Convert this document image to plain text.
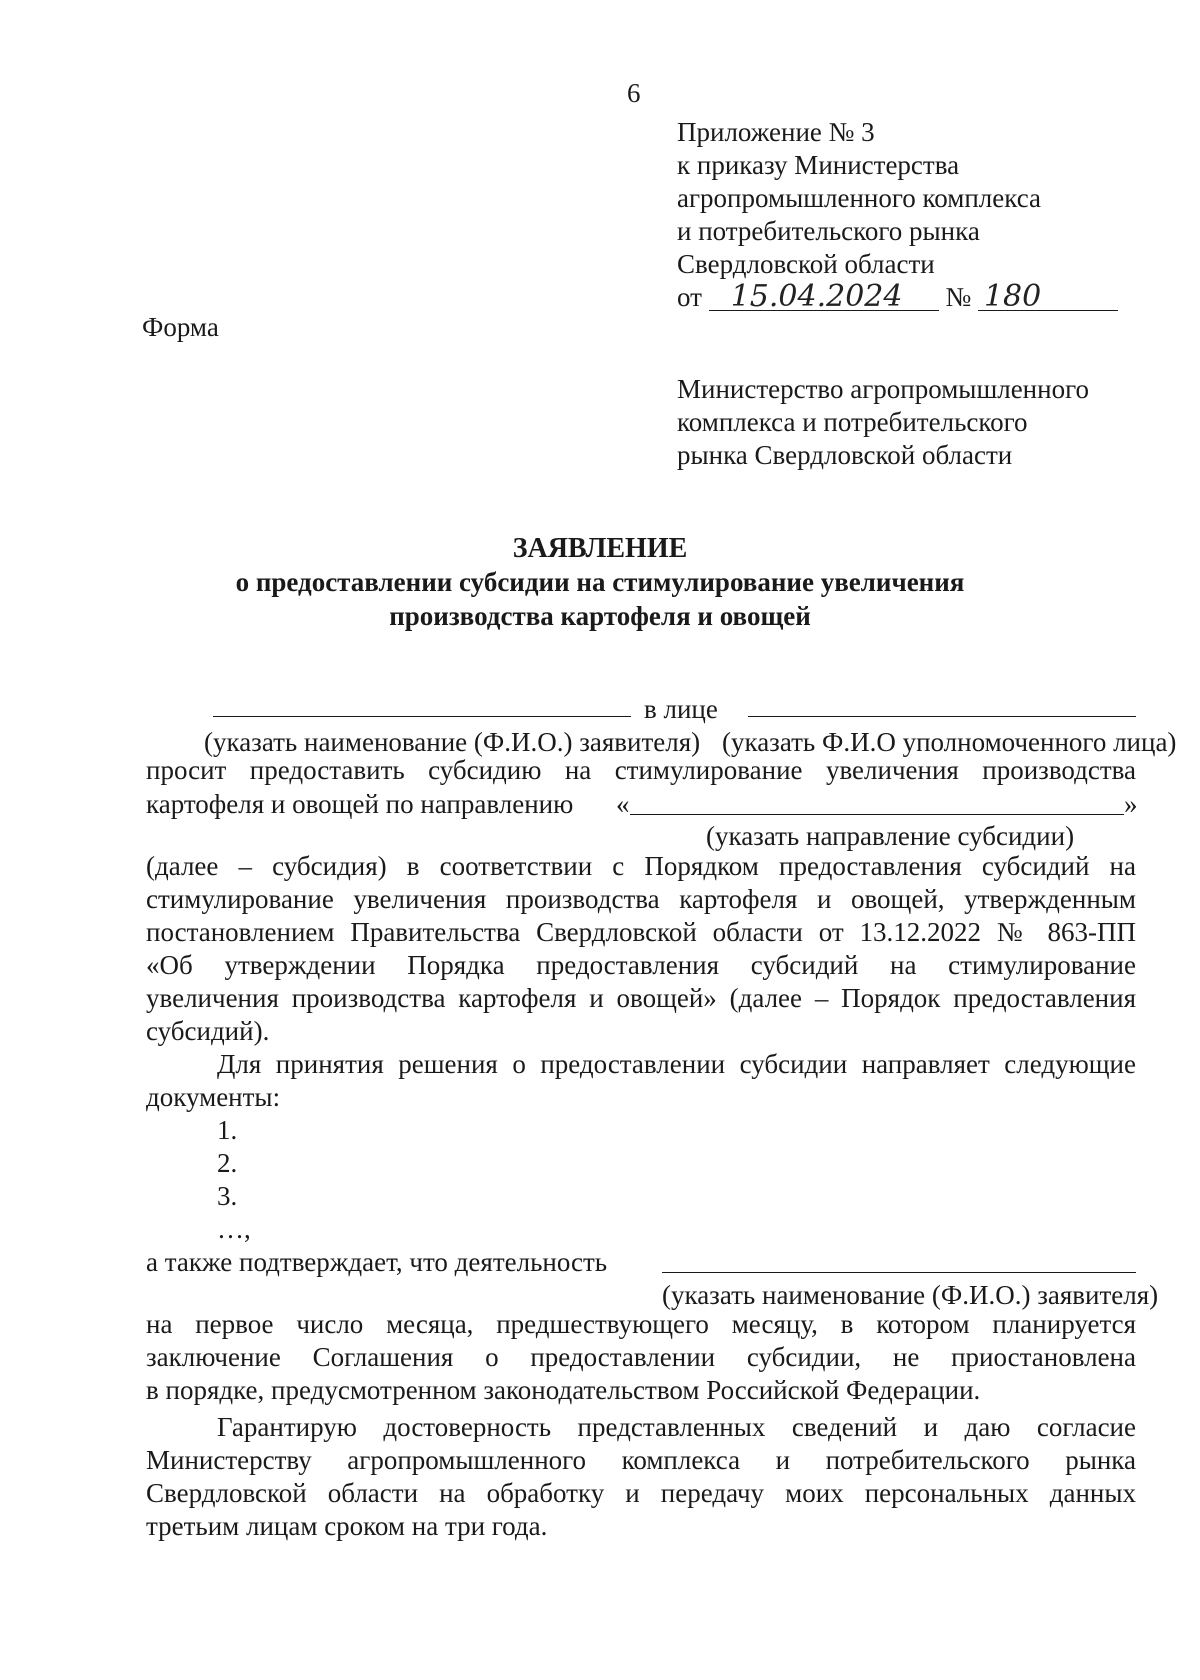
6
Приложение № 3
к приказу Министерства
агропромышленного комплекса
и потребительского рынка
Свердловской области
от 15.04.2024 № 180
Форма
Министерство агропромышленного
комплекса и потребительского
рынка Свердловской области
ЗАЯВЛЕНИЕ
о предоставлении субсидии на стимулирование увеличения
производства картофеля и овощей
в лице
(указать наименование (Ф.И.О.) заявителя) (указать Ф.И.О уполномоченного лица)
просит предоставить субсидию на стимулирование увеличения производства
картофеля и овощей по направлению «	»
(указать направление субсидии)
(далее – субсидия) в соответствии с Порядком предоставления субсидий на
стимулирование увеличения производства картофеля и овощей, утвержденным
постановлением Правительства Свердловской области от 13.12.2022 № 863-ПП
«Об утверждении Порядка предоставления субсидий на стимулирование
увеличения производства картофеля и овощей» (далее – Порядок предоставления
субсидий).
Для принятия решения о предоставлении субсидии направляет следующие
документы:
1.
2.
3.
…,
а также подтверждает, что деятельность
(указать наименование (Ф.И.О.) заявителя)
на первое число месяца, предшествующего месяцу, в котором планируется
заключение Соглашения о предоставлении субсидии, не приостановлена
в порядке, предусмотренном законодательством Российской Федерации.
Гарантирую достоверность представленных сведений и даю согласие
Министерству агропромышленного комплекса и потребительского рынка
Свердловской области на обработку и передачу моих персональных данных
третьим лицам сроком на три года.
